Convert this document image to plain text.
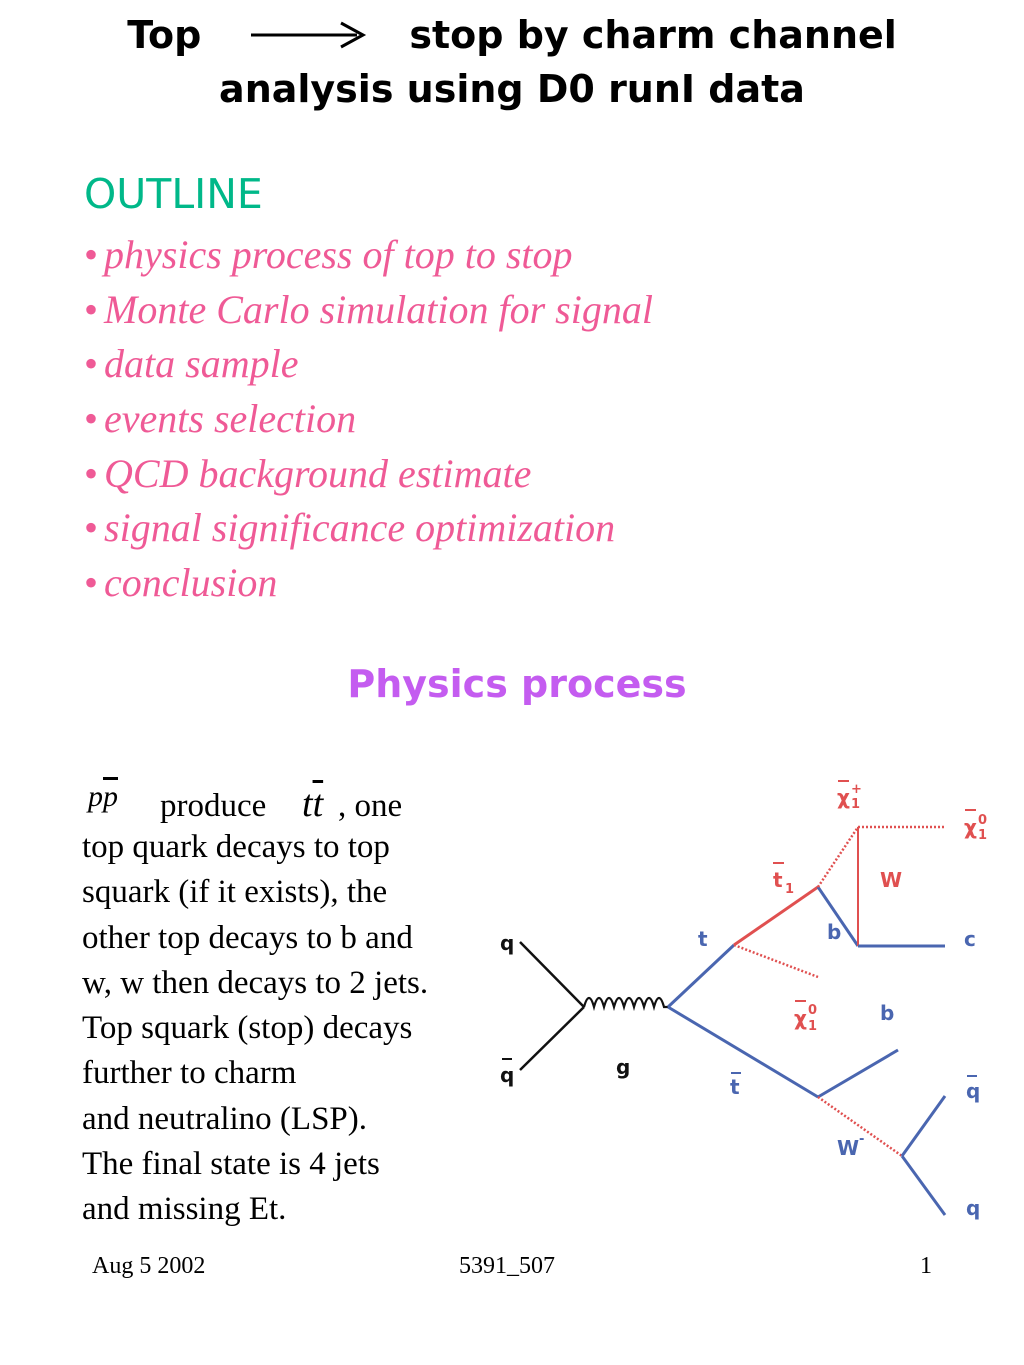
Top	stop by charm channel
analysis using D0 runI data
OUTLINE
• physics process of top to stop
• Monte Carlo simulation for signal
• data sample
• events selection
• QCD background estimate
• signal significance optimization
• conclusion
Physics process
$p\overline{p}$ produce $t\overline{t}$ , one
top quark decays to top
squark (if it exists), the
other top decays to b and
w, w then decays to 2 jets.
Top squark (stop) decays
further to charm
and neutralino (LSP).
The final state is 4 jets
and missing Et.
q
q	g
t
t
t 1
χ +
1
χ 0
1
W
χ 0
1
b	c
b
W -
q
q
Aug 5 2002	5391_507	1
